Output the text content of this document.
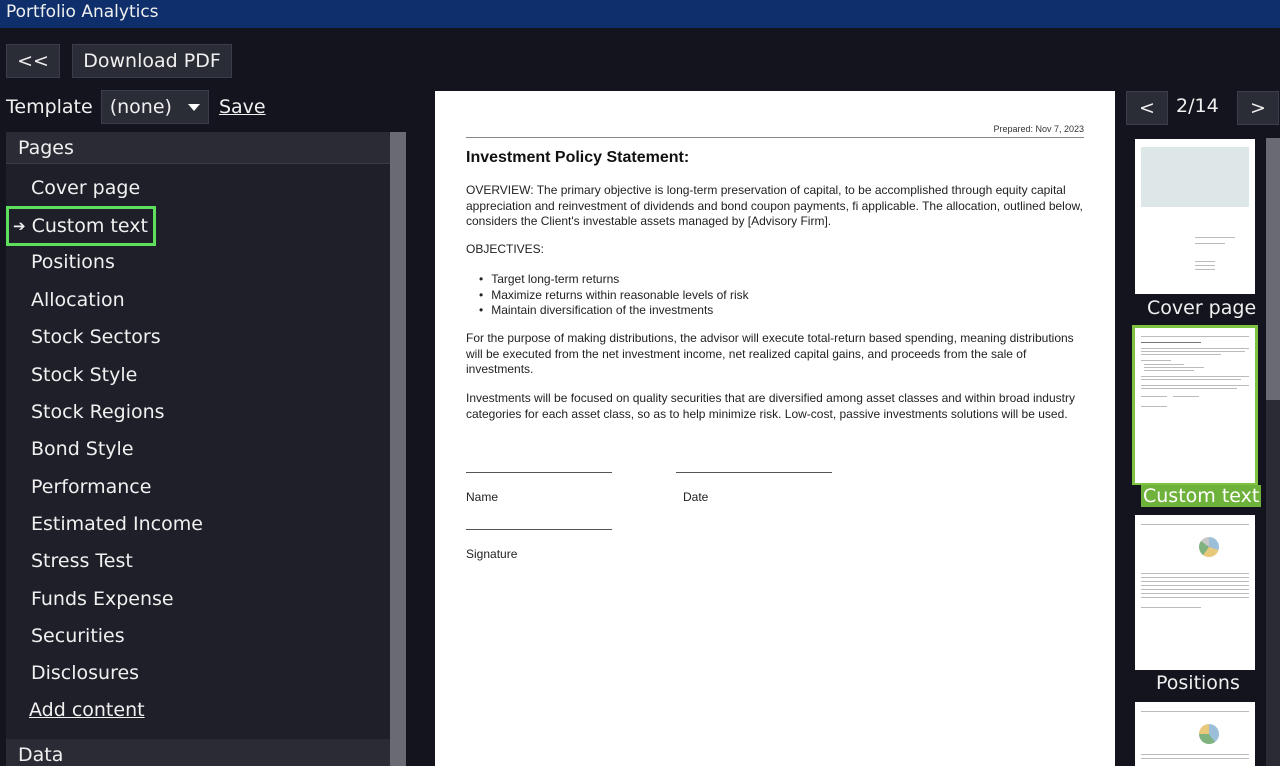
Portfolio Analytics
<<	Download PDF
Template (none) Save
Pages
Cover page
➔ Custom text
Positions
Allocation
Stock Sectors
Stock Style
Stock Regions
Bond Style
Performance
Estimated Income
Stress Test
Funds Expense
Securities
Disclosures
Add content
Data
Prepared: Nov 7, 2023
Investment Policy Statement:

OVERVIEW: The primary objective is long-term preservation of capital, to be accomplished through equity capital appreciation and reinvestment of dividends and bond coupon payments, fi applicable. The allocation, outlined below, considers the Client's investable assets managed by [Advisory Firm].

OBJECTIVES:
• Target long-term returns
• Maximize returns within reasonable levels of risk
• Maintain diversification of the investments

For the purpose of making distributions, the advisor will execute total-return based spending, meaning distributions will be executed from the net investment income, net realized capital gains, and proceeds from the sale of investments.

Investments will be focused on quality securities that are diversified among asset classes and within broad industry categories for each asset class, so as to help minimize risk. Low-cost, passive investments solutions will be used.

Name	Date
Signature
<	2/14	>
Cover page
Custom text
Positions
